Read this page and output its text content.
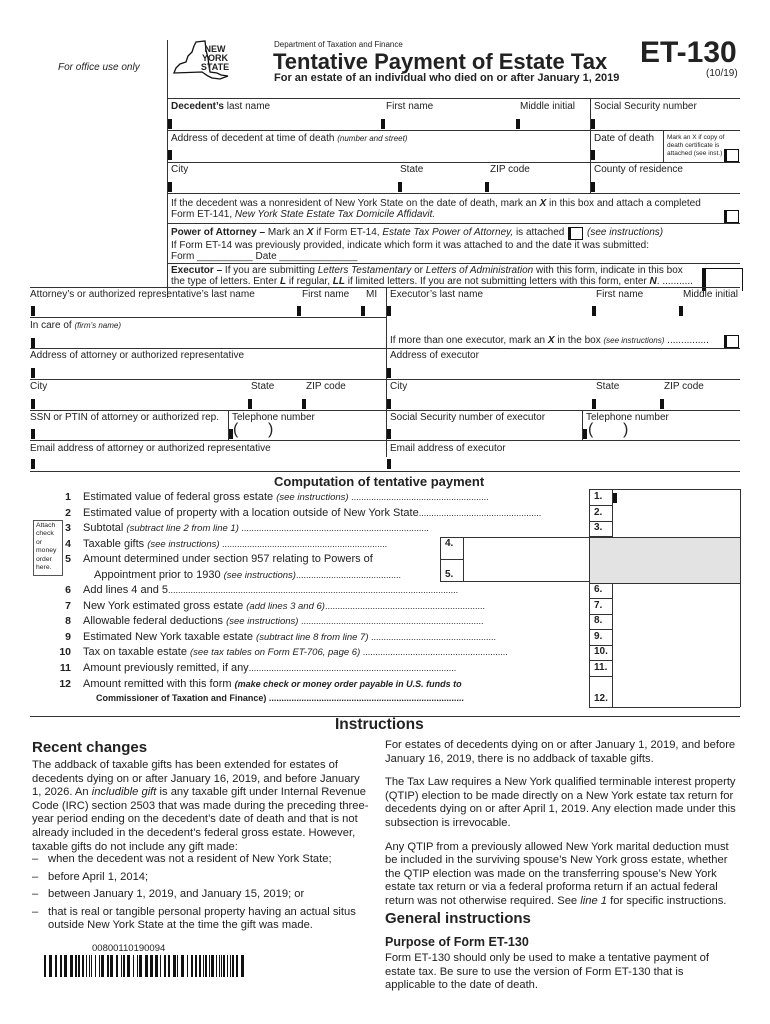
For office use only
NEW
YORK
STATE
Department of Taxation and Finance
Tentative Payment of Estate Tax
For an estate of an individual who died on or after January 1, 2019
ET-130
(10/19)
Decedent’s last name	First name	Middle initial Social Security number
Address of decedent at time of death (number and street)	Date of death Mark an X if copy of
death certificate is
attached (see inst.)
City	State	ZIP code	County of residence
If the decedent was a nonresident of New York State on the date of death, mark an X in this box and attach a completed
Form ET-141, New York State Estate Tax Domicile Affidavit.
Power of Attorney – Mark an X if Form ET-14, Estate Tax Power of Attorney, is attached (see instructions)
If Form ET-14 was previously provided, indicate which form it was attached to and the date it was submitted:
Form __________ Date ______________
Executor – If you are submitting Letters Testamentary or Letters of Administration with this form, indicate in this box
the type of letters. Enter L if regular, LL if limited letters. If you are not submitting letters with this form, enter N. ...........
Attorney’s or authorized representative’s last name	First name MI Executor’s last name	First name	Middle initial
In care of (firm’s name)
If more than one executor, mark an X in the box (see instructions) ...............
Address of attorney or authorized representative	Address of executor
City	State	ZIP code	City	State	ZIP code
SSN or PTIN of attorney or authorized rep. Telephone number
( )
Social Security number of executor	Telephone number
( )
Email address of attorney or authorized representative	Email address of executor
Computation of tentative payment
Attach
check
or
money
order
here.
1 Estimated value of federal gross estate (see instructions) .......................................................	1.
2 Estimated value of property with a location outside of New York State.................................................	2.
3 Subtotal (subtract line 2 from line 1) ...........................................................................	3.
4 Taxable gifts (see instructions) ..................................................................	4.
5 Amount determined under section 957 relating to Powers of
Appointment prior to 1930 (see instructions)..........................................	5.
6 Add lines 4 and 5....................................................................................................................	6.
7 New York estimated gross estate (add lines 3 and 6)................................................................	7.
8 Allowable federal deductions (see instructions) .........................................................................	8.
9 Estimated New York taxable estate (subtract line 8 from line 7) ..................................................	9.
10 Tax on taxable estate (see tax tables on Form ET-706, page 6) ..........................................................	10.
11 Amount previously remitted, if any...................................................................................	11.
12 Amount remitted with this form (make check or money order payable in U.S. funds to
Commissioner of Taxation and Finance) ..............................................................................	12.
Instructions
Recent changes
The addback of taxable gifts has been extended for estates of decedents dying on or after January 16, 2019, and before January 1, 2026. An includible gift is any taxable gift under Internal Revenue Code (IRC) section 2503 that was made during the preceding three-year period ending on the decedent’s date of death and that is not already included in the decedent’s federal gross estate. However, taxable gifts do not include any gift made:
– when the decedent was not a resident of New York State;
– before April 1, 2014;
– between January 1, 2019, and January 15, 2019; or
– that is real or tangible personal property having an actual situs outside New York State at the time the gift was made.
00800110190094
For estates of decedents dying on or after January 1, 2019, and before January 16, 2019, there is no addback of taxable gifts.
The Tax Law requires a New York qualified terminable interest property (QTIP) election to be made directly on a New York estate tax return for decedents dying on or after April 1, 2019. Any election made under this subsection is irrevocable.
Any QTIP from a previously allowed New York marital deduction must be included in the surviving spouse’s New York gross estate, whether the QTIP election was made on the transferring spouse’s New York estate tax return or via a federal proforma return if an actual federal return was not otherwise required. See line 1 for specific instructions.
General instructions
Purpose of Form ET-130
Form ET-130 should only be used to make a tentative payment of estate tax. Be sure to use the version of Form ET-130 that is applicable to the date of death.
